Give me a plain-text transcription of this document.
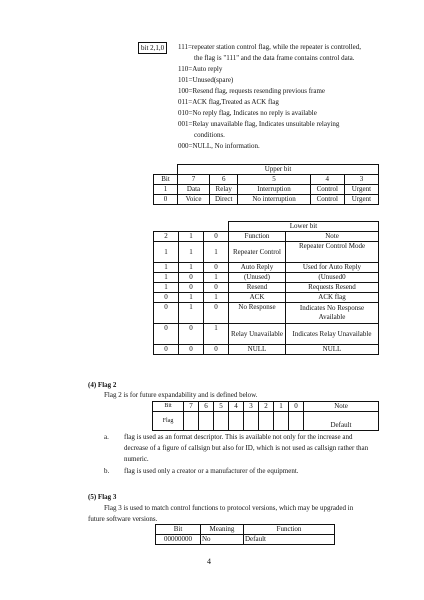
bit 2,1,0	111=repeater station control flag, while the repeater is controlled,
the flag is "111" and the data frame contains control data.
110=Auto reply
101=Unused(spare)
100=Resend flag, requests resending previous frame
011=ACK flag,Treated as ACK flag
010=No reply flag, Indicates no reply is available
001=Relay unavailable flag, Indicates unsuitable relaying
conditions.
000=NULL, No information.
	Upper bit				
Bit	7	6	5	4	3
1	Data	Relay	Interruption	Control	Urgent
0	Voice	Direct	No interruption	Control	Urgent
			Lower bit	
2	1	0	Function	Note
1	1	1	Repeater Control	Repeater Control Mode
1	1	0	Auto Reply	Used for Auto Reply
1	0	1	(Unused)	(Unused0
1	0	0	Resend	Requests Resend
0	1	1	ACK	ACK flag
0	1	0	No Response	Indicates No Response Available
0	0	1	Relay Unavailable	Indicates Relay Unavailable
0	0	0	NULL	NULL
(4) Flag 2
Flag 2 is for future expandability and is defined below.
Bit	7	6	5	4	3	2	1	0	Note
Flag									Default
a. flag is used as an format descriptor. This is available not only for the increase and
decrease of a figure of callsign but also for ID, which is not used as callsign rather than
numeric.
b. flag is used only a creator or a manufacturer of the equipment.
(5) Flag 3
Flag 3 is used to match control functions to protocol versions, which may be upgraded in
future software versions.
Bit	Meaning	Function
00000000	No	Default
4
